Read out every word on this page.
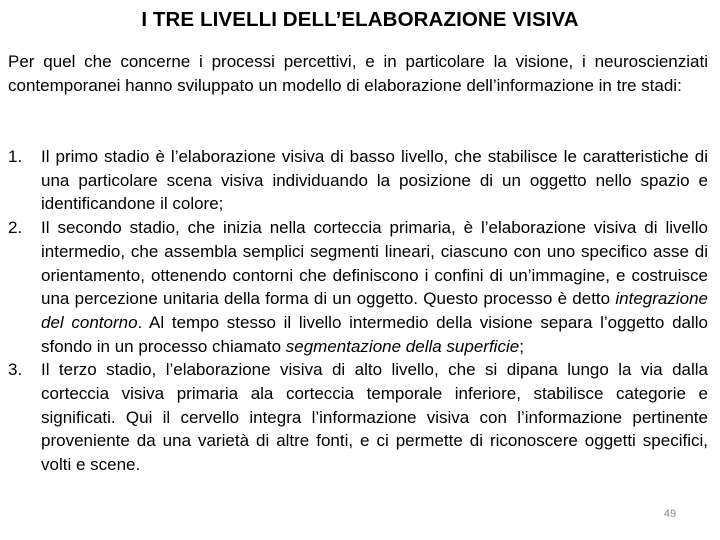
I TRE LIVELLI DELL’ELABORAZIONE VISIVA

Per quel che concerne i processi percettivi, e in particolare la visione, i neuroscienziati contemporanei hanno sviluppato un modello di elaborazione dell’informazione in tre stadi:

1. Il primo stadio è l’elaborazione visiva di basso livello, che stabilisce le caratteristiche di una particolare scena visiva individuando la posizione di un oggetto nello spazio e identificandone il colore;
2. Il secondo stadio, che inizia nella corteccia primaria, è l’elaborazione visiva di livello intermedio, che assembla semplici segmenti lineari, ciascuno con uno specifico asse di orientamento, ottenendo contorni che definiscono i confini di un’immagine, e costruisce una percezione unitaria della forma di un oggetto. Questo processo è detto integrazione del contorno. Al tempo stesso il livello intermedio della visione separa l’oggetto dallo sfondo in un processo chiamato segmentazione della superficie;
3. Il terzo stadio, l’elaborazione visiva di alto livello, che si dipana lungo la via dalla corteccia visiva primaria ala corteccia temporale inferiore, stabilisce categorie e significati. Qui il cervello integra l’informazione visiva con l’informazione pertinente proveniente da una varietà di altre fonti, e ci permette di riconoscere oggetti specifici, volti e scene.
49
